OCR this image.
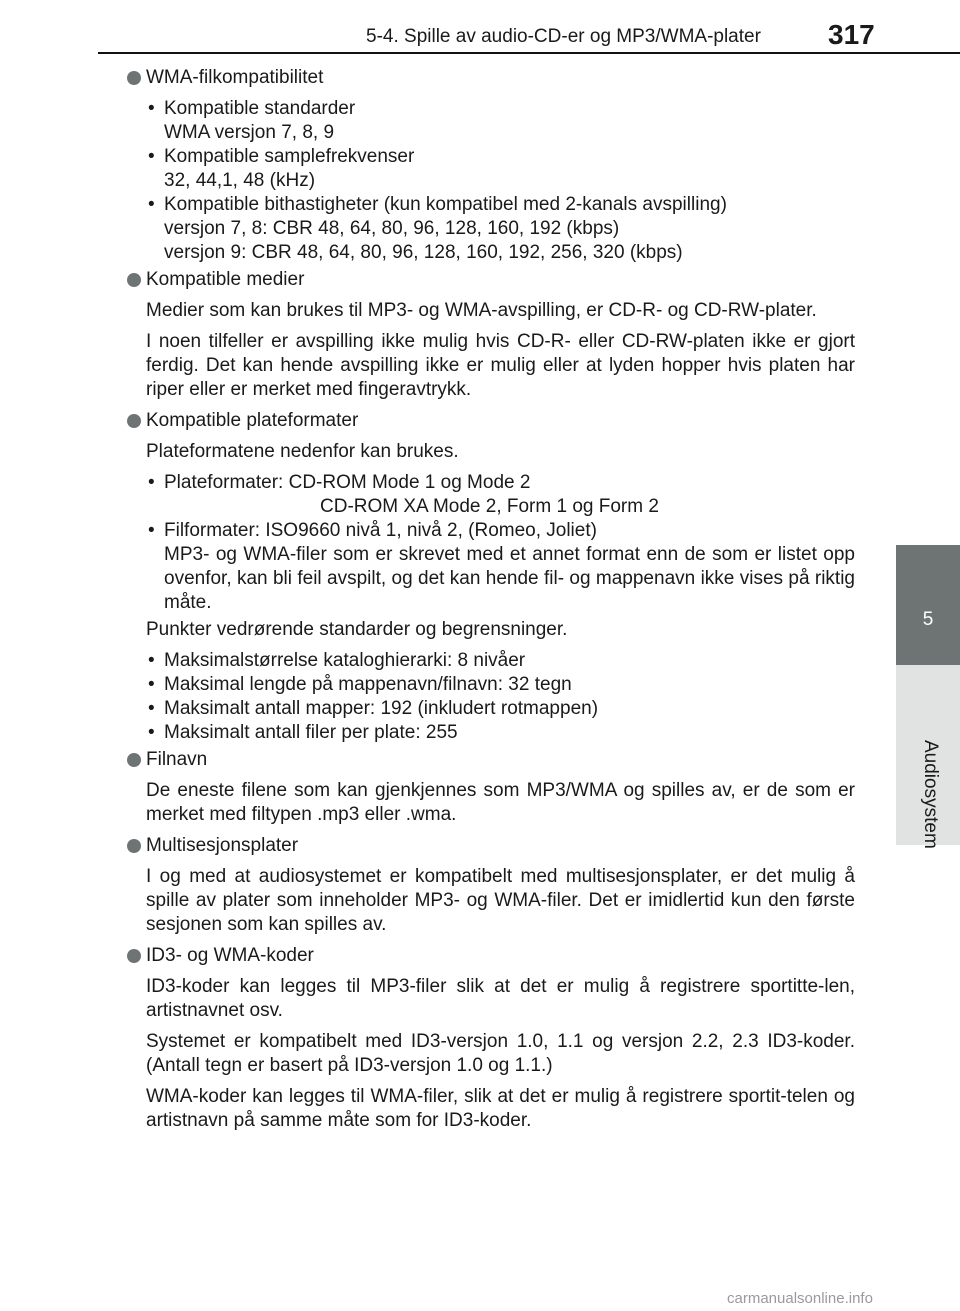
5-4. Spille av audio-CD-er og MP3/WMA-plater 317
5
Audiosystem
WMA-filkompatibilitet
• Kompatible standarder
WMA versjon 7, 8, 9
• Kompatible samplefrekvenser
32, 44,1, 48 (kHz)
• Kompatible bithastigheter (kun kompatibel med 2-kanals avspilling)
versjon 7, 8: CBR 48, 64, 80, 96, 128, 160, 192 (kbps)
versjon 9: CBR 48, 64, 80, 96, 128, 160, 192, 256, 320 (kbps)
Kompatible medier

Medier som kan brukes til MP3- og WMA-avspilling, er CD-R- og CD-RW-plater.

I noen tilfeller er avspilling ikke mulig hvis CD-R- eller CD-RW-platen ikke er gjort ferdig. Det kan hende avspilling ikke er mulig eller at lyden hopper hvis platen har riper eller er merket med fingeravtrykk.

Kompatible plateformater

Plateformatene nedenfor kan brukes.

• Plateformater: CD-ROM Mode 1 og Mode 2
CD-ROM XA Mode 2, Form 1 og Form 2
• Filformater: ISO9660 nivå 1, nivå 2, (Romeo, Joliet)
MP3- og WMA-filer som er skrevet med et annet format enn de som er listet opp ovenfor, kan bli feil avspilt, og det kan hende fil- og mappenavn ikke vises på riktig måte.

Punkter vedrørende standarder og begrensninger.

• Maksimalstørrelse kataloghierarki: 8 nivåer
• Maksimal lengde på mappenavn/filnavn: 32 tegn
• Maksimalt antall mapper: 192 (inkludert rotmappen)
• Maksimalt antall filer per plate: 255
Filnavn

De eneste filene som kan gjenkjennes som MP3/WMA og spilles av, er de som er merket med filtypen .mp3 eller .wma.

Multisesjonsplater

I og med at audiosystemet er kompatibelt med multisesjonsplater, er det mulig å spille av plater som inneholder MP3- og WMA-filer. Det er imidlertid kun den første sesjonen som kan spilles av.

ID3- og WMA-koder

ID3-koder kan legges til MP3-filer slik at det er mulig å registrere sportitte-len, artistnavnet osv.

Systemet er kompatibelt med ID3-versjon 1.0, 1.1 og versjon 2.2, 2.3 ID3-koder. (Antall tegn er basert på ID3-versjon 1.0 og 1.1.)

WMA-koder kan legges til WMA-filer, slik at det er mulig å registrere sportit-telen og artistnavn på samme måte som for ID3-koder.

carmanualsonline.info
